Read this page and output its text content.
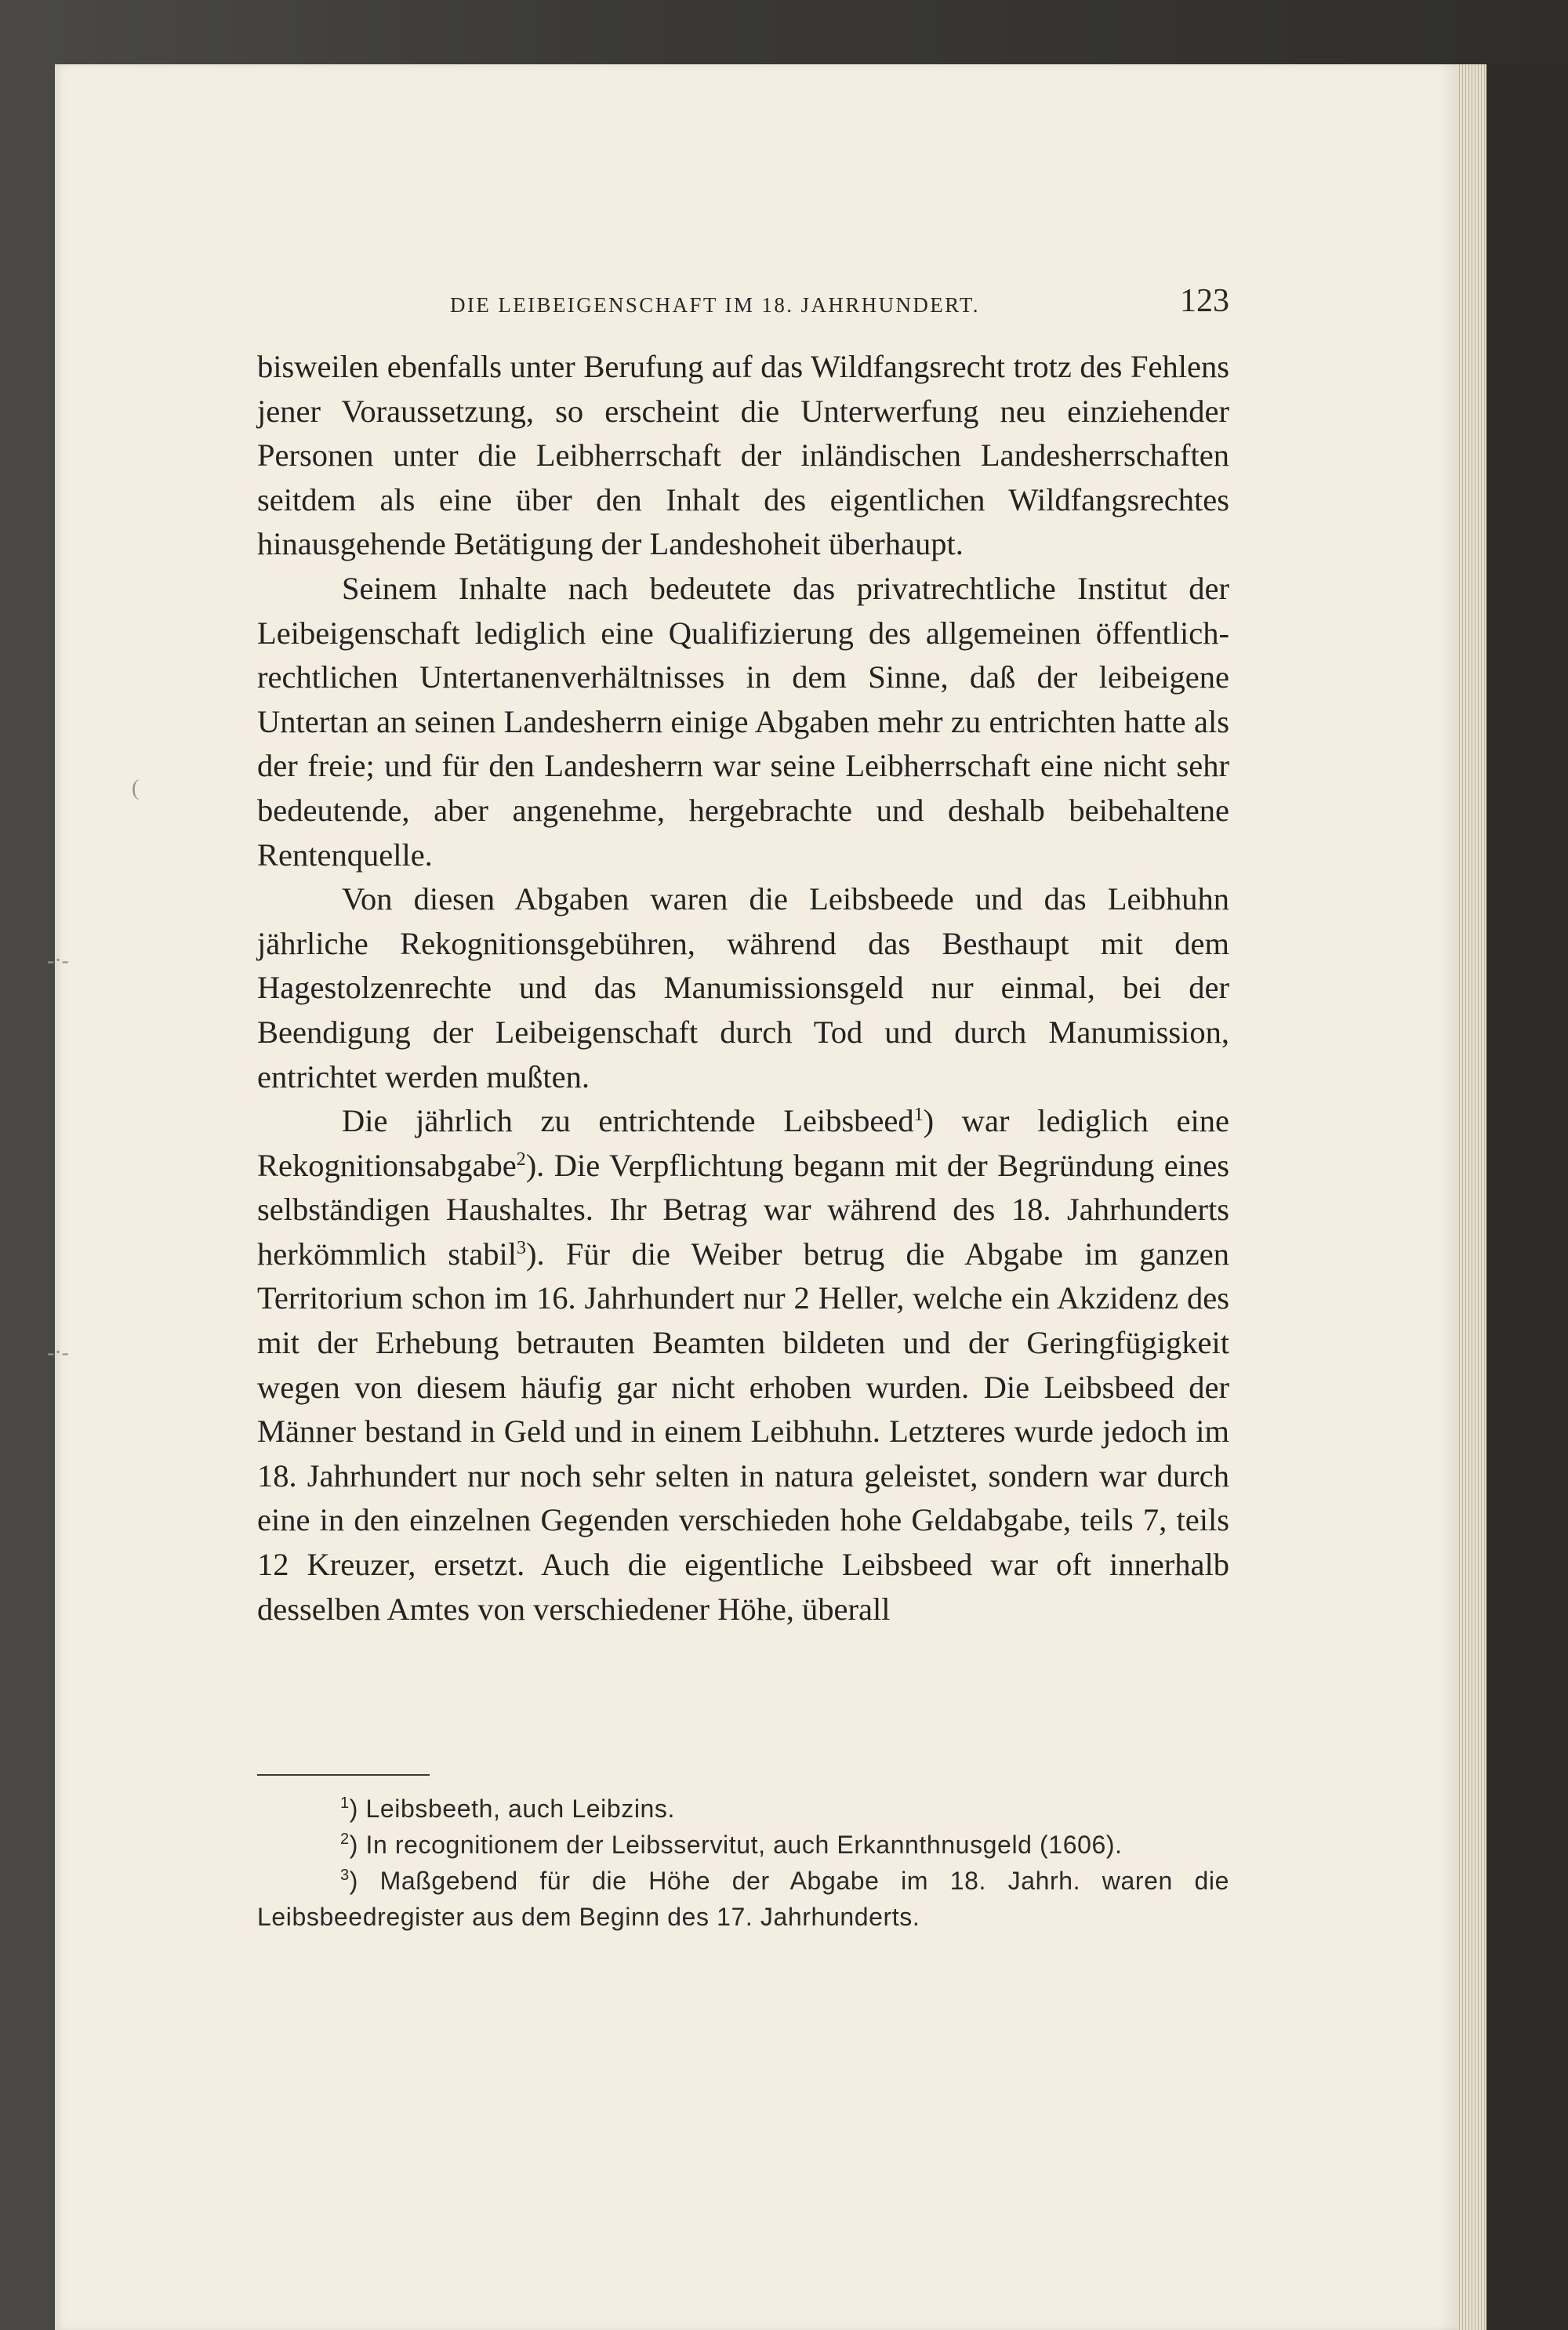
(
-·-
-·-
DIE LEIBEIGENSCHAFT IM 18. JAHRHUNDERT.	123

bisweilen ebenfalls unter Berufung auf das Wildfangsrecht trotz des Fehlens jener Voraussetzung, so erscheint die Unterwerfung neu einziehender Personen unter die Leibherrschaft der inländischen Landesherrschaften seitdem als eine über den Inhalt des eigentlichen Wildfangsrechtes hinausgehende Betätigung der Landeshoheit überhaupt.

Seinem Inhalte nach bedeutete das privatrechtliche Institut der Leibeigenschaft lediglich eine Qualifizierung des allgemeinen öffentlich-rechtlichen Untertanenverhältnisses in dem Sinne, daß der leibeigene Untertan an seinen Landesherrn einige Abgaben mehr zu entrichten hatte als der freie; und für den Landesherrn war seine Leibherrschaft eine nicht sehr bedeutende, aber angenehme, hergebrachte und deshalb beibehaltene Rentenquelle.

Von diesen Abgaben waren die Leibsbeede und das Leibhuhn jährliche Rekognitionsgebühren, während das Besthaupt mit dem Hagestolzenrechte und das Manumissionsgeld nur einmal, bei der Beendigung der Leibeigenschaft durch Tod und durch Manumission, entrichtet werden mußten.

Die jährlich zu entrichtende Leibsbeed$^1$) war lediglich eine Rekognitionsabgabe$^2$). Die Verpflichtung begann mit der Begründung eines selbständigen Haushaltes. Ihr Betrag war während des 18. Jahrhunderts herkömmlich stabil$^3$). Für die Weiber betrug die Abgabe im ganzen Territorium schon im 16. Jahrhundert nur 2 Heller, welche ein Akzidenz des mit der Erhebung betrauten Beamten bildeten und der Geringfügigkeit wegen von diesem häufig gar nicht erhoben wurden. Die Leibsbeed der Männer bestand in Geld und in einem Leibhuhn. Letzteres wurde jedoch im 18. Jahrhundert nur noch sehr selten in natura geleistet, sondern war durch eine in den einzelnen Gegenden verschieden hohe Geldabgabe, teils 7, teils 12 Kreuzer, ersetzt. Auch die eigentliche Leibsbeed war oft innerhalb desselben Amtes von verschiedener Höhe, überall

$^1$) Leibsbeeth, auch Leibzins.

$^2$) In recognitionem der Leibsservitut, auch Erkannthnusgeld (1606).

$^3$) Maßgebend für die Höhe der Abgabe im 18. Jahrh. waren die Leibsbeedregister aus dem Beginn des 17. Jahrhunderts.
